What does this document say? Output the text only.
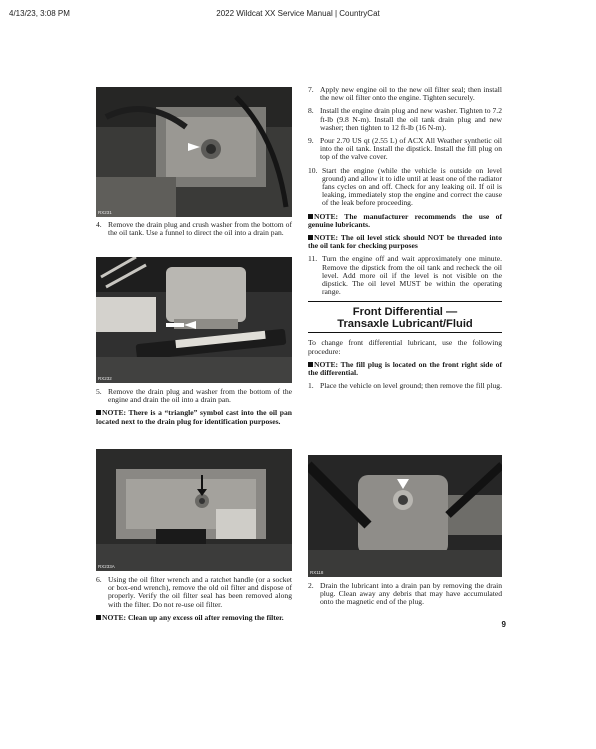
4/13/23, 3:08 PM	2022 Wildcat XX Service Manual | CountryCat
RX231
RX232
RX233A
RX118
4. Remove the drain plug and crush washer from the bottom of the oil tank. Use a funnel to direct the oil into a drain pan.
5. Remove the drain plug and washer from the bottom of the engine and drain the oil into a drain pan.
NOTE: There is a “triangle” symbol cast into the oil pan located next to the drain plug for identification purposes.
6. Using the oil filter wrench and a ratchet handle (or a socket or box-end wrench), remove the old oil filter and dispose of properly. Verify the oil filter seal has been removed along with the filter. Do not re-use oil filter.
NOTE: Clean up any excess oil after removing the filter.
7. Apply new engine oil to the new oil filter seal; then install the new oil filter onto the engine. Tighten securely.
8. Install the engine drain plug and new washer. Tighten to 7.2 ft-lb (9.8 N-m). Install the oil tank drain plug and new washer; then tighten to 12 ft-lb (16 N-m).
9. Pour 2.70 US qt (2.55 L) of ACX All Weather synthetic oil into the oil tank. Install the dipstick. Install the fill plug on top of the valve cover.
10. Start the engine (while the vehicle is outside on level ground) and allow it to idle until at least one of the radiator fans cycles on and off. Check for any leaking oil. If oil is leaking, immediately stop the engine and correct the cause of the leak before proceeding.
NOTE: The manufacturer recommends the use of genuine lubricants.
NOTE: The oil level stick should NOT be threaded into the oil tank for checking purposes
11. Turn the engine off and wait approximately one minute. Remove the dipstick from the oil tank and recheck the oil level. Add more oil if the level is not visible on the dipstick. The oil level MUST be within the operating range.
Front Differential —
Transaxle Lubricant/Fluid

To change front differential lubricant, use the following procedure:

NOTE: The fill plug is located on the front right side of the differential.
1. Place the vehicle on level ground; then remove the fill plug.
2. Drain the lubricant into a drain pan by removing the drain plug. Clean away any debris that may have accumulated onto the magnetic end of the plug.
9
